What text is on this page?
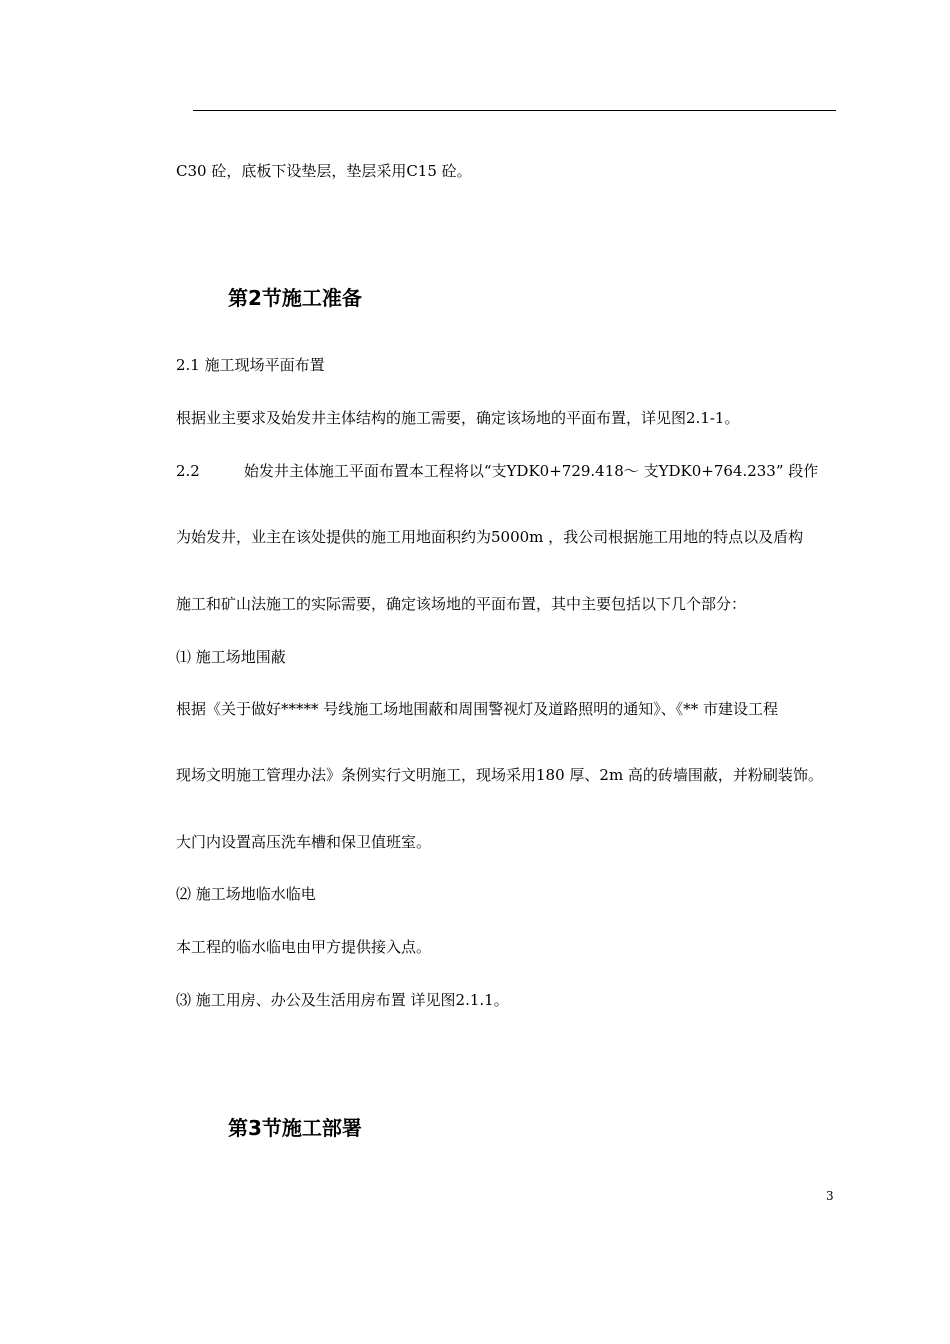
C30 砼，底板下设垫层，垫层采用C15 砼。
第2节施工准备
2.1 施工现场平面布置
根据业主要求及始发井主体结构的施工需要，确定该场地的平面布置，详见图2.1-1。
2.2	始发井主体施工平面布置本工程将以“支YDK0+729.418～ 支YDK0+764.233” 段作
为始发井，业主在该处提供的施工用地面积约为5000m ，我公司根据施工用地的特点以及盾构
施工和矿山法施工的实际需要，确定该场地的平面布置，其中主要包括以下几个部分：
⑴ 施工场地围蔽
根据《关于做好***** 号线施工场地围蔽和周围警视灯及道路照明的通知》、《** 市建设工程
现场文明施工管理办法》条例实行文明施工，现场采用180 厚、2m 高的砖墙围蔽，并粉刷装饰。
大门内设置高压洗车槽和保卫值班室。
⑵ 施工场地临水临电
本工程的临水临电由甲方提供接入点。
⑶ 施工用房、办公及生活用房布置 详见图2.1.1。
第3节施工部署
3
